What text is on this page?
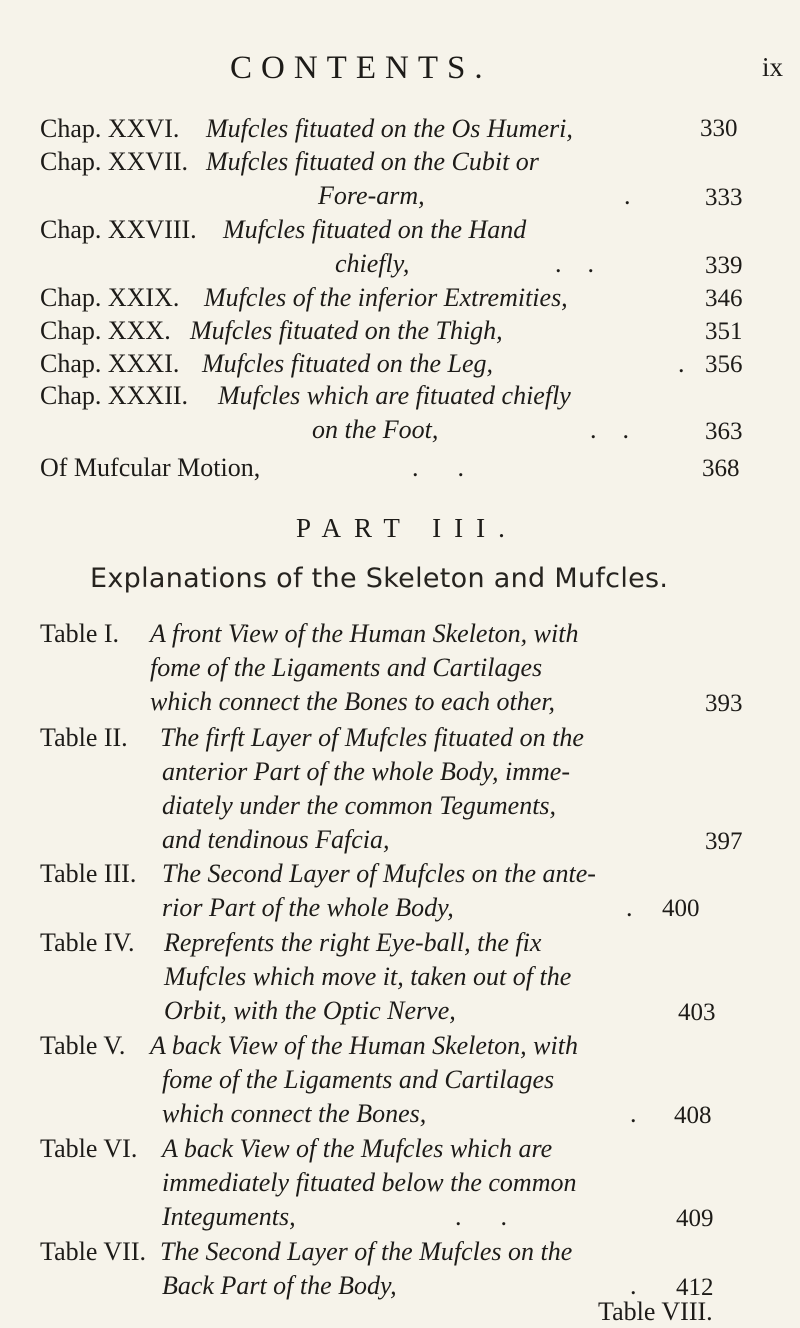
CONTENTS.	ix
Chap. XXVI. Mufcles fituated on the Os Humeri,	330
Chap. XXVII. Mufcles fituated on the Cubit or
Fore-arm,	.	333
Chap. XXVIII. Mufcles fituated on the Hand
chiefly,	.    .	339
Chap. XXIX. Mufcles of the inferior Extremities,	346
Chap. XXX. Mufcles fituated on the Thigh,	351
Chap. XXXI. Mufcles fituated on the Leg,	. 356
Chap. XXXII. Mufcles which are fituated chiefly
on the Foot,	.    .	363
Of Mufcular Motion,	.      .	368
PART III.
Explanations of the Skeleton and Mufcles.
Table I. A front View of the Human Skeleton, with
fome of the Ligaments and Cartilages
which connect the Bones to each other,	393
Table II. The firft Layer of Mufcles fituated on the
anterior Part of the whole Body, imme-
diately under the common Teguments,
and tendinous Fafcia,	397
Table III. The Second Layer of Mufcles on the ante-
rior Part of the whole Body,	. 400
Table IV. Reprefents the right Eye-ball, the fix
Mufcles which move it, taken out of the
Orbit, with the Optic Nerve,	403
Table V. A back View of the Human Skeleton, with
fome of the Ligaments and Cartilages
which connect the Bones,	. 408
Table VI. A back View of the Mufcles which are
immediately fituated below the common
Integuments,	.      .	409
Table VII. The Second Layer of the Mufcles on the
Back Part of the Body,	. 412
Table VIII.
